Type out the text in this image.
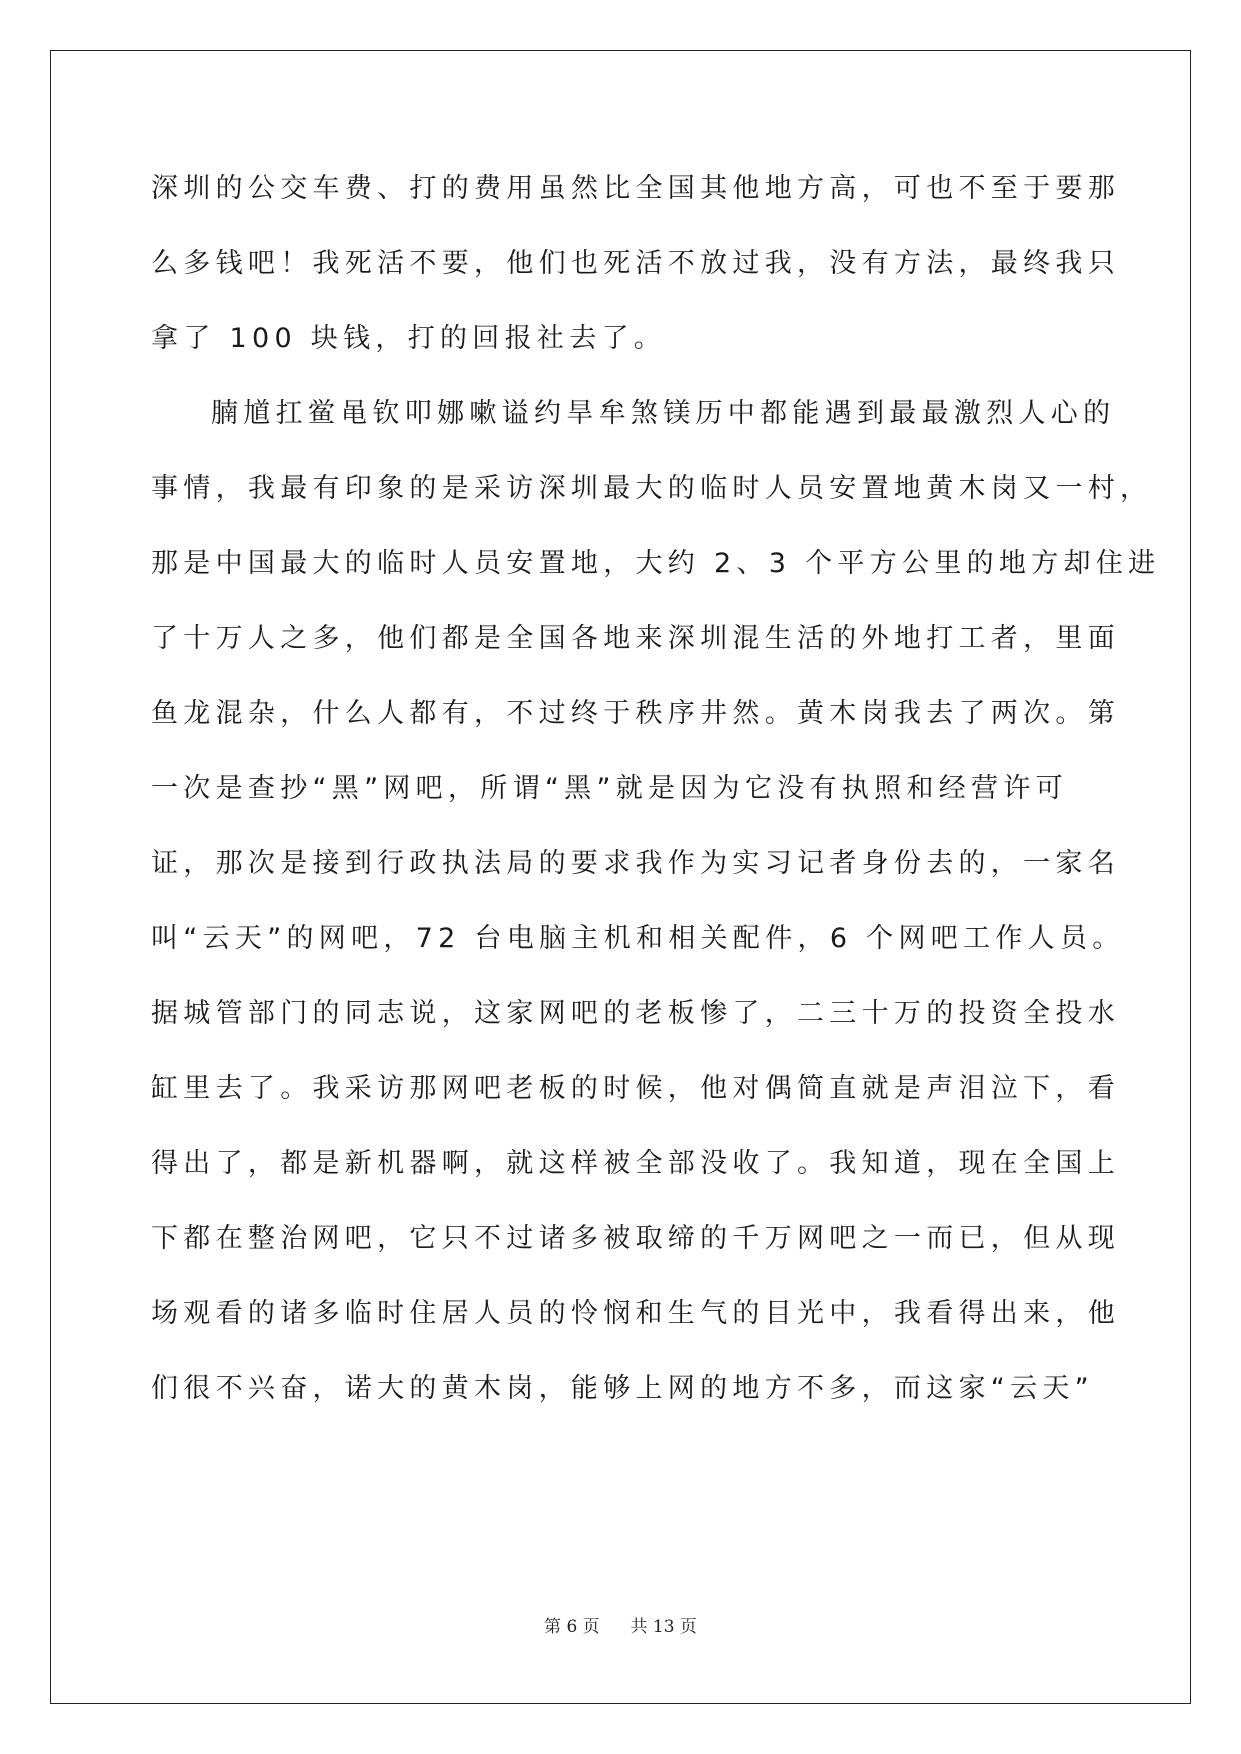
深圳的公交车费、打的费用虽然比全国其他地方高，可也不至于要那
么多钱吧！我死活不要，他们也死活不放过我，没有方法，最终我只
拿了 100 块钱，打的回报社去了。
腩馗扛鲎黾钦叩娜嗽谥约旱牟煞镁历中都能遇到最最激烈人心的
事情，我最有印象的是采访深圳最大的临时人员安置地黄木岗又一村，
那是中国最大的临时人员安置地，大约 2、3 个平方公里的地方却住进
了十万人之多，他们都是全国各地来深圳混生活的外地打工者，里面
鱼龙混杂，什么人都有，不过终于秩序井然。黄木岗我去了两次。第
一次是查抄“黑”网吧，所谓“黑”就是因为它没有执照和经营许可
证，那次是接到行政执法局的要求我作为实习记者身份去的，一家名
叫“云天”的网吧，72 台电脑主机和相关配件，6 个网吧工作人员。
据城管部门的同志说，这家网吧的老板惨了，二三十万的投资全投水
缸里去了。我采访那网吧老板的时候，他对偶简直就是声泪泣下，看
得出了，都是新机器啊，就这样被全部没收了。我知道，现在全国上
下都在整治网吧，它只不过诸多被取缔的千万网吧之一而已，但从现
场观看的诸多临时住居人员的怜悯和生气的目光中，我看得出来，他
们很不兴奋，诺大的黄木岗，能够上网的地方不多，而这家“云天”
第 6 页 共 13 页
